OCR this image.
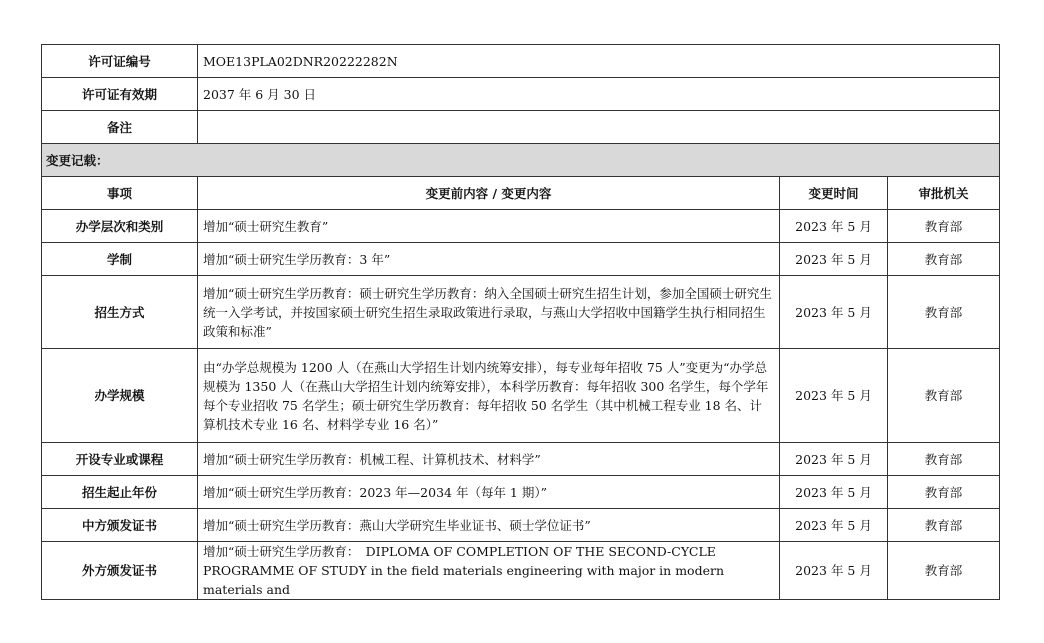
许可证编号	MOE13PLA02DNR20222282N		
许可证有效期	2037 年 6 月 30 日		
备注			
变更记载：			
事项	变更前内容 / 变更内容	变更时间	审批机关
办学层次和类别	增加“硕士研究生教育”	2023 年 5 月	教育部
学制	增加“硕士研究生学历教育：3 年”	2023 年 5 月	教育部
招生方式	增加“硕士研究生学历教育：硕士研究生学历教育：纳入全国硕士研究生招生计划，参加全国硕士研究生统一入学考试，并按国家硕士研究生招生录取政策进行录取，与燕山大学招收中国籍学生执行相同招生政策和标准”	2023 年 5 月	教育部
办学规模	由“办学总规模为 1200 人（在燕山大学招生计划内统筹安排），每专业每年招收 75 人”变更为“办学总规模为 1350 人（在燕山大学招生计划内统筹安排），本科学历教育：每年招收 300 名学生，每个学年每个专业招收 75 名学生；硕士研究生学历教育：每年招收 50 名学生（其中机械工程专业 18 名、计算机技术专业 16 名、材料学专业 16 名）”	2023 年 5 月	教育部
开设专业或课程	增加“硕士研究生学历教育：机械工程、计算机技术、材料学”	2023 年 5 月	教育部
招生起止年份	增加“硕士研究生学历教育：2023 年—2034 年（每年 1 期）”	2023 年 5 月	教育部
中方颁发证书	增加“硕士研究生学历教育：燕山大学研究生毕业证书、硕士学位证书”	2023 年 5 月	教育部
外方颁发证书	增加“硕士研究生学历教育：　DIPLOMA OF COMPLETION OF THE SECOND-CYCLE PROGRAMME OF STUDY in the field materials engineering with major in modern materials and	2023 年 5 月	教育部
